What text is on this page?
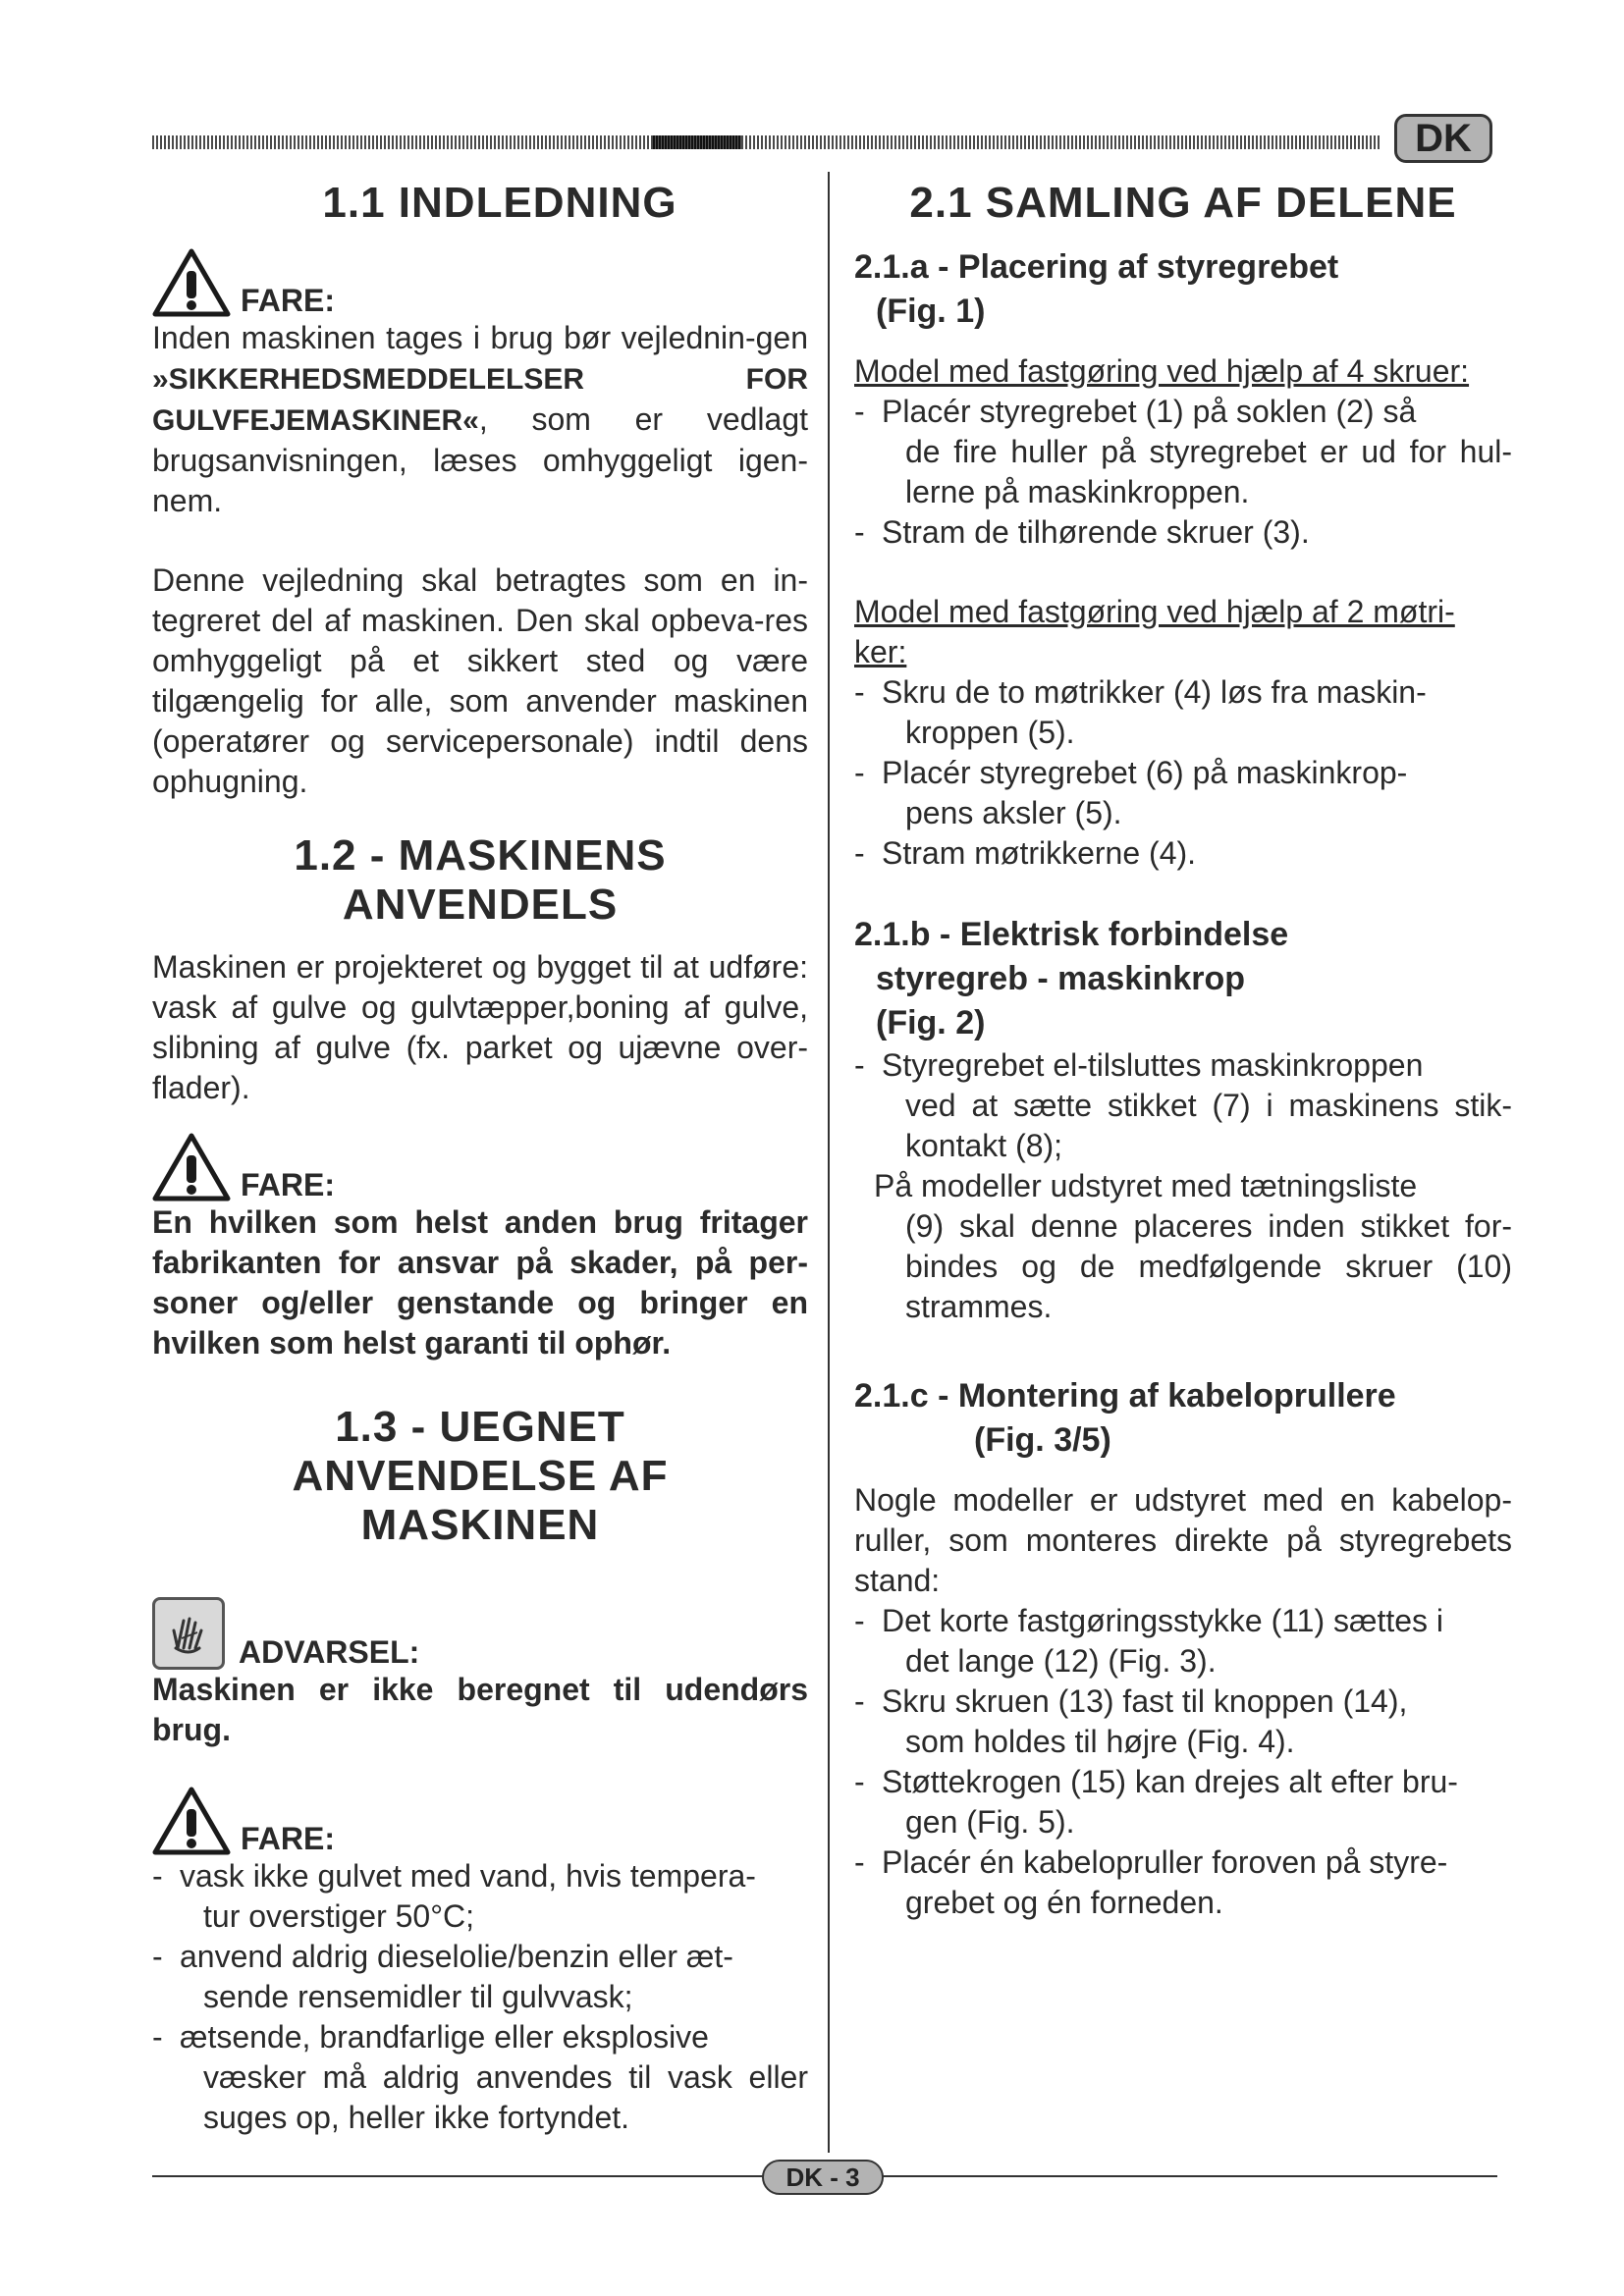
DK
1.1 INDLEDNING
FARE:

Inden maskinen tages i brug bør vejlednin-gen »SIKKERHEDSMEDDELELSER FOR GULVFEJEMASKINER«, som er vedlagt brugsanvisningen, læses omhyggeligt igen-nem.

Denne vejledning skal betragtes som en in-tegreret del af maskinen. Den skal opbeva-res omhyggeligt på et sikkert sted og være tilgængelig for alle, som anvender maskinen (operatører og servicepersonale) indtil dens ophugning.

1.2 - MASKINENS
ANVENDELS

Maskinen er projekteret og bygget til at udføre: vask af gulve og gulvtæpper,boning af gulve, slibning af gulve (fx. parket og ujævne over-flader).

FARE:

En hvilken som helst anden brug fritager fabrikanten for ansvar på skader, på per-soner og/eller genstande og bringer en hvilken som helst garanti til ophør.

1.3 - UEGNET
ANVENDELSE AF
MASKINEN
ADVARSEL:

Maskinen er ikke beregnet til udendørs brug.

FARE:
- vask ikke gulvet med vand, hvis tempera-
tur overstiger 50°C;
- anvend aldrig dieselolie/benzin eller æt-
sende rensemidler til gulvvask;
- ætsende, brandfarlige eller eksplosive
væsker må aldrig anvendes til vask eller suges op, heller ikke fortyndet.
2.1 SAMLING AF DELENE
2.1.a - Placering af styregrebet
(Fig. 1)

Model med fastgøring ved hjælp af 4 skruer:

- Placér styregrebet (1) på soklen (2) så
de fire huller på styregrebet er ud for hul-lerne på maskinkroppen.
- Stram de tilhørende skruer (3).

Model med fastgøring ved hjælp af 2 møtri-
ker:

- Skru de to møtrikker (4) løs fra maskin-
kroppen (5).
- Placér styregrebet (6) på maskinkrop-
pens aksler (5).
- Stram møtrikkerne (4).
2.1.b - Elektrisk forbindelse
styregreb - maskinkrop
(Fig. 2)
- Styregrebet el-tilsluttes maskinkroppen
ved at sætte stikket (7) i maskinens stik-kontakt (8);

På modeller udstyret med tætningsliste
(9) skal denne placeres inden stikket for-bindes og de medfølgende skruer (10) strammes.

2.1.c - Montering af kabeloprullere
(Fig. 3/5)

Nogle modeller er udstyret med en kabelop-ruller, som monteres direkte på styregrebets stand:

- Det korte fastgøringsstykke (11) sættes i
det lange (12) (Fig. 3).
- Skru skruen (13) fast til knoppen (14),
som holdes til højre (Fig. 4).
- Støttekrogen (15) kan drejes alt efter bru-
gen (Fig. 5).
- Placér én kabelopruller foroven på styre-
grebet og én forneden.
DK - 3
